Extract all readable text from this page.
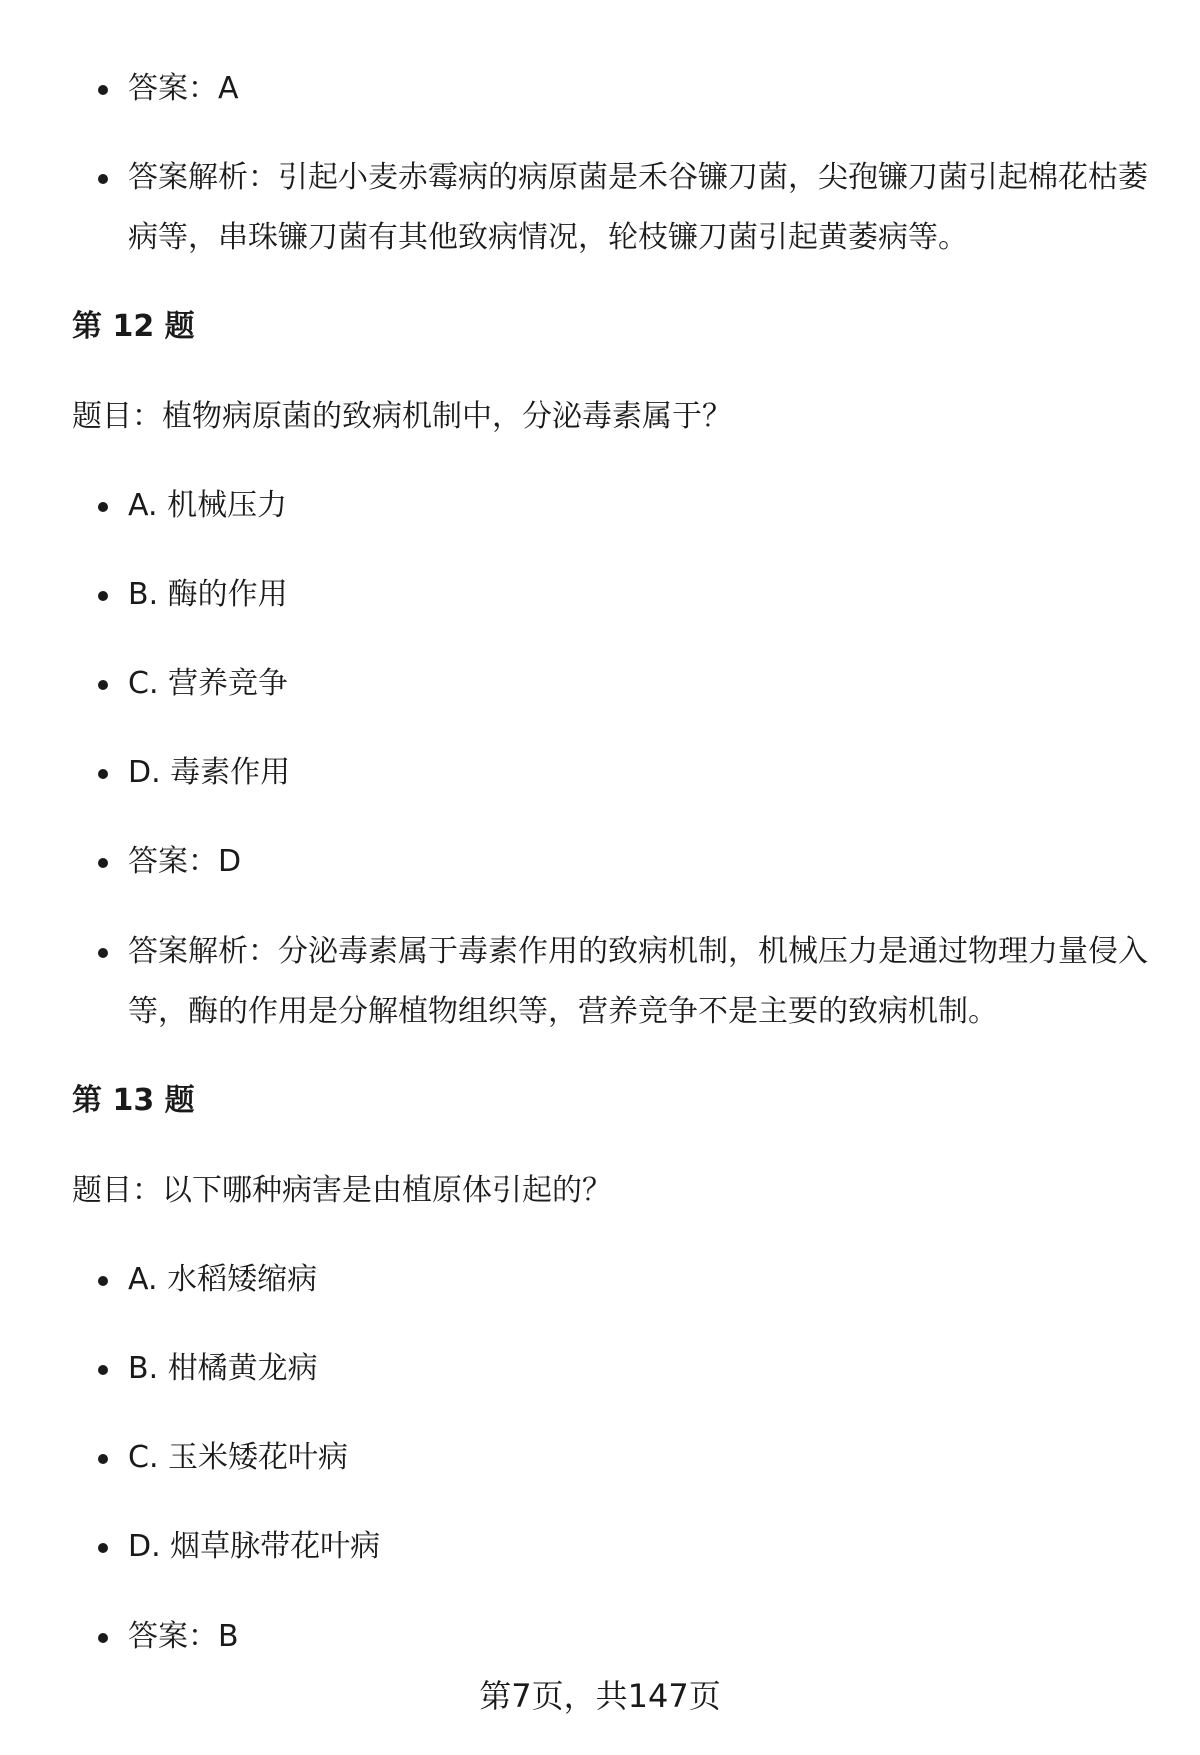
答案：A

答案解析：引起小麦赤霉病的病原菌是禾谷镰刀菌，尖孢镰刀菌引起棉花枯萎病等，串珠镰刀菌有其他致病情况，轮枝镰刀菌引起黄萎病等。

第 12 题

题目：植物病原菌的致病机制中，分泌毒素属于？

A. 机械压力

B. 酶的作用

C. 营养竞争

D. 毒素作用

答案：D

答案解析：分泌毒素属于毒素作用的致病机制，机械压力是通过物理力量侵入等，酶的作用是分解植物组织等，营养竞争不是主要的致病机制。

第 13 题

题目：以下哪种病害是由植原体引起的？

A. 水稻矮缩病

B. 柑橘黄龙病

C. 玉米矮花叶病

D. 烟草脉带花叶病

答案：B

第7页，共147页
